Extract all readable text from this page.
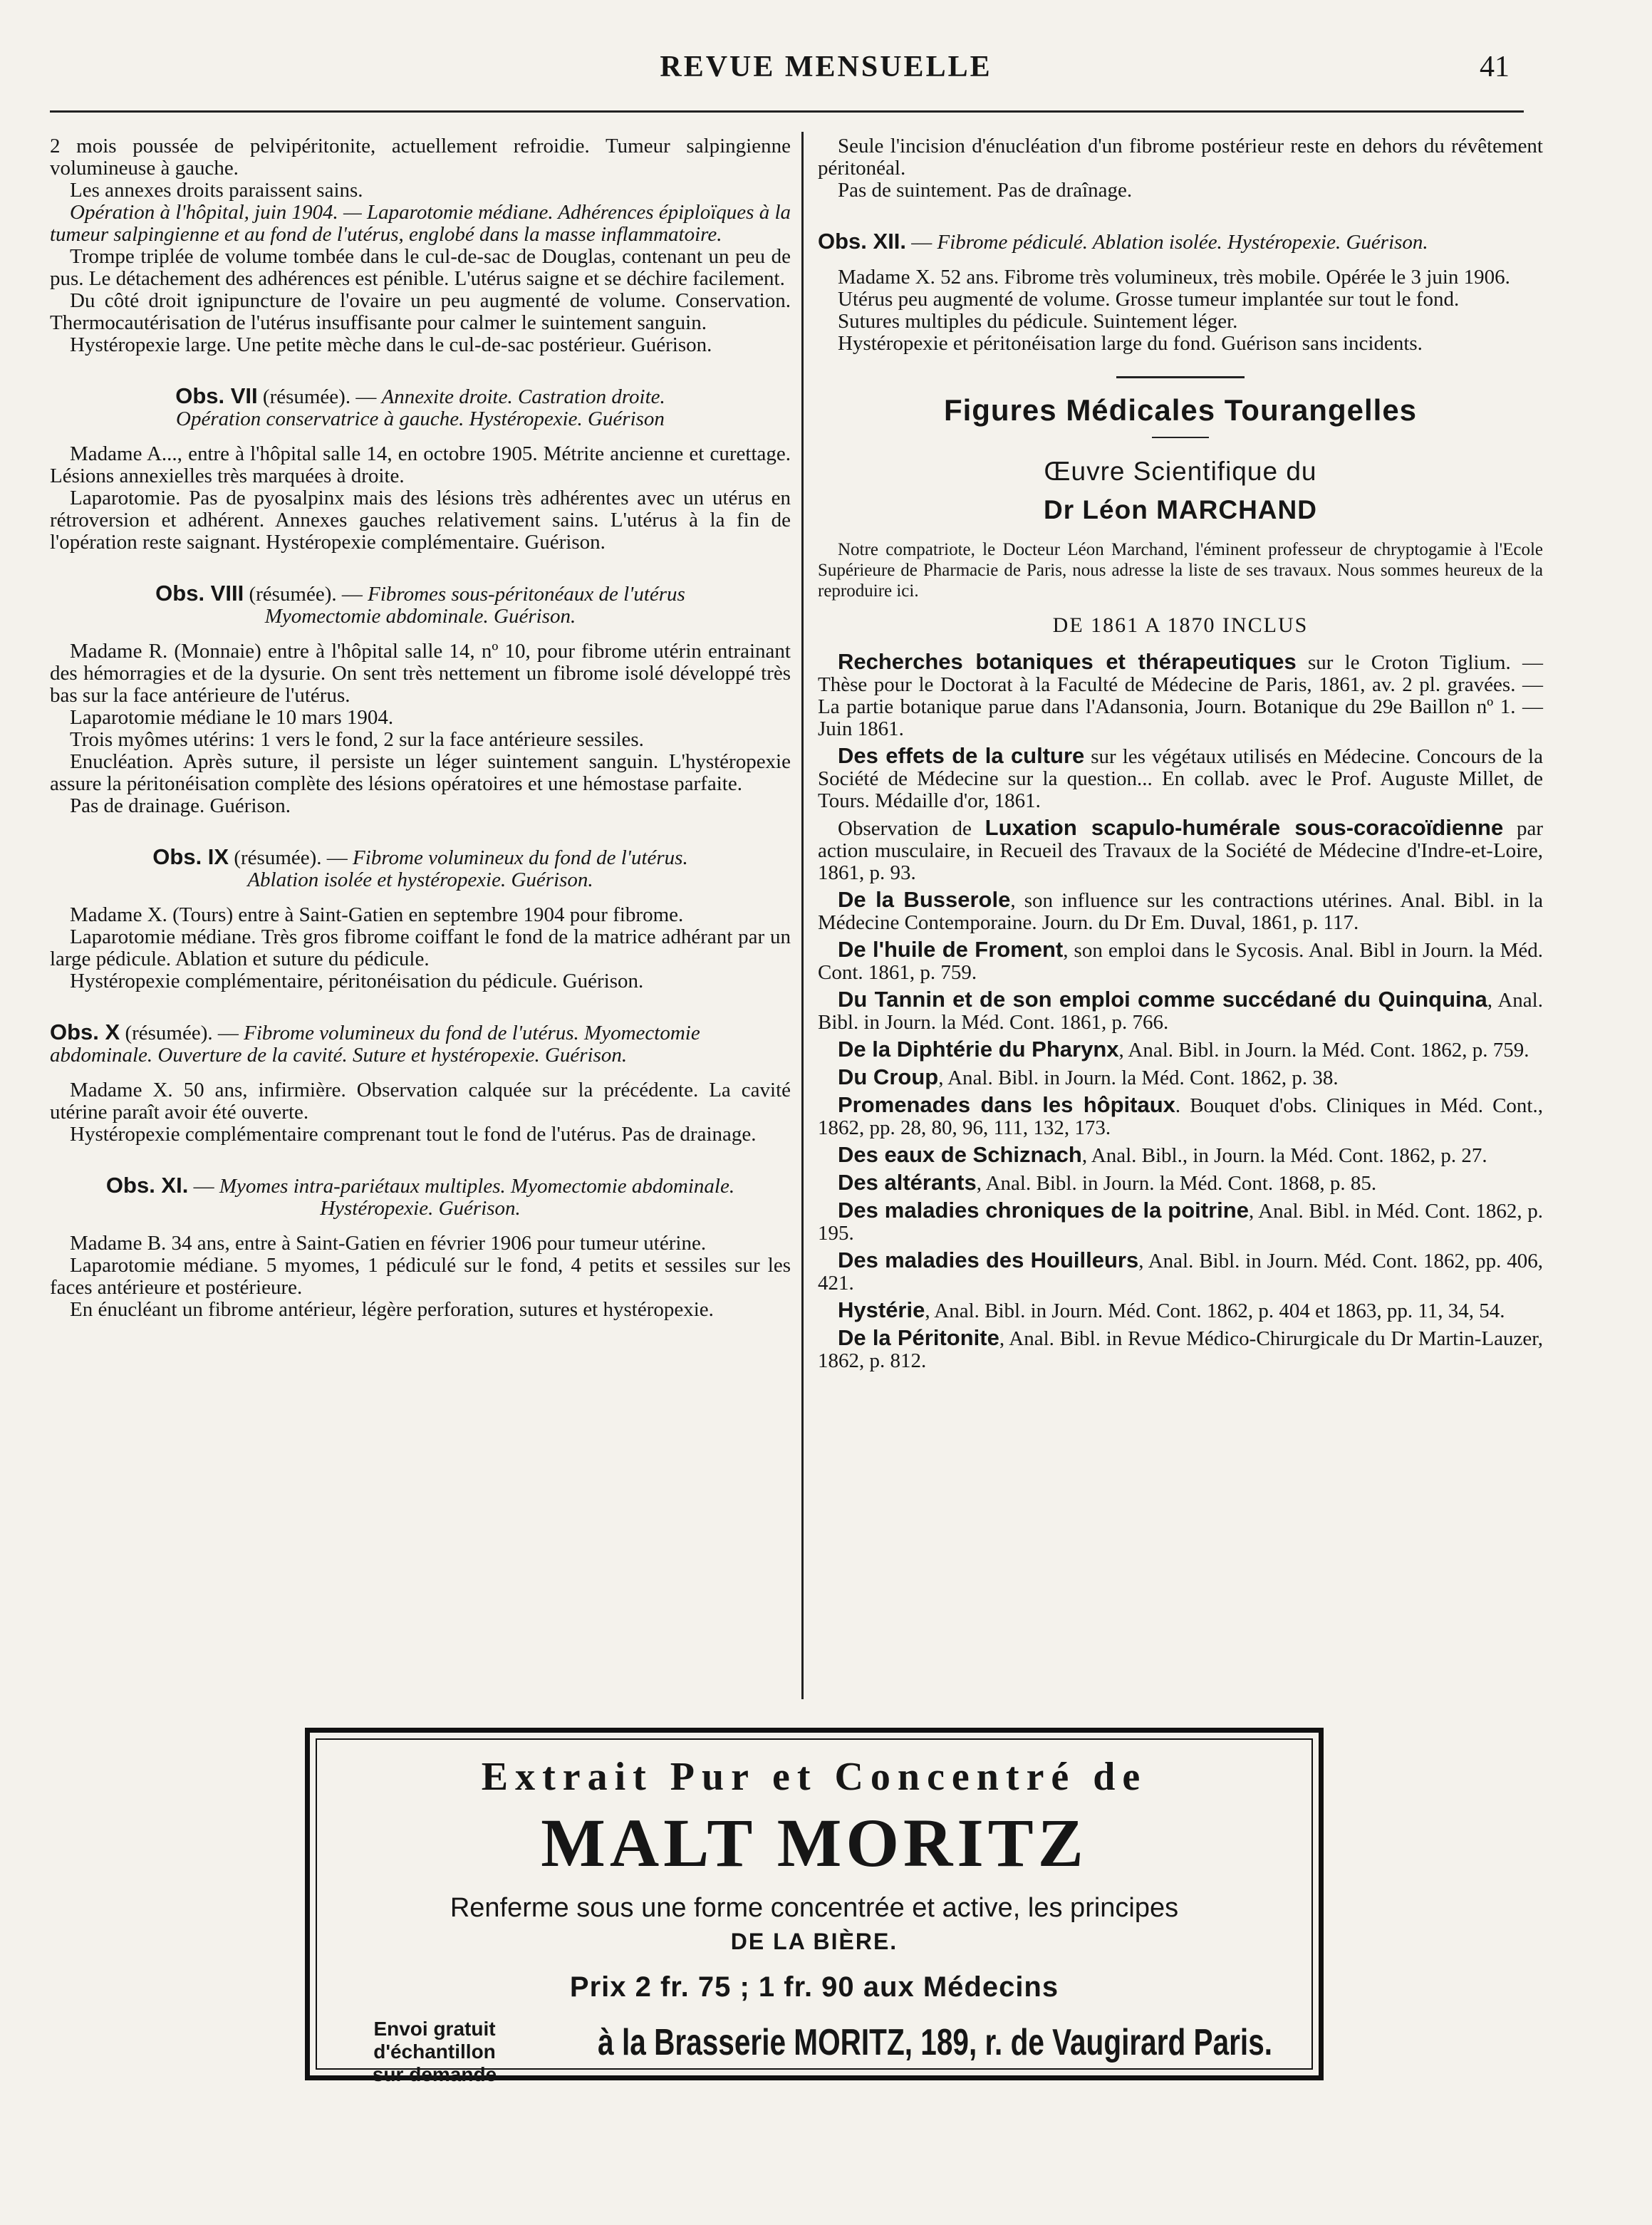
REVUE MENSUELLE	41

2 mois poussée de pelvipéritonite, actuellement refroidie. Tumeur salpingienne volumineuse à gauche.

Les annexes droits paraissent sains.

Opération à l'hôpital, juin 1904. — Laparotomie médiane. Adhérences épiploïques à la tumeur salpingienne et au fond de l'utérus, englobé dans la masse inflammatoire.

Trompe triplée de volume tombée dans le cul-de-sac de Douglas, contenant un peu de pus. Le détachement des adhérences est pénible. L'utérus saigne et se déchire facilement.

Du côté droit ignipuncture de l'ovaire un peu augmenté de volume. Conservation. Thermocautérisation de l'utérus insuffisante pour calmer le suintement sanguin.

Hystéropexie large. Une petite mèche dans le cul-de-sac postérieur. Guérison.

Obs. VII (résumée). — Annexite droite. Castration droite.
Opération conservatrice à gauche. Hystéropexie. Guérison

Madame A..., entre à l'hôpital salle 14, en octobre 1905. Métrite ancienne et curettage. Lésions annexielles très marquées à droite.

Laparotomie. Pas de pyosalpinx mais des lésions très adhérentes avec un utérus en rétroversion et adhérent. Annexes gauches relativement sains. L'utérus à la fin de l'opération reste saignant. Hystéropexie complémentaire. Guérison.

Obs. VIII (résumée). — Fibromes sous-péritonéaux de l'utérus
Myomectomie abdominale. Guérison.

Madame R. (Monnaie) entre à l'hôpital salle 14, nº 10, pour fibrome utérin entrainant des hémorragies et de la dysurie. On sent très nettement un fibrome isolé développé très bas sur la face antérieure de l'utérus.

Laparotomie médiane le 10 mars 1904.

Trois myômes utérins: 1 vers le fond, 2 sur la face antérieure sessiles.

Enucléation. Après suture, il persiste un léger suintement sanguin. L'hystéropexie assure la péritonéisation complète des lésions opératoires et une hémostase parfaite.

Pas de drainage. Guérison.

Obs. IX (résumée). — Fibrome volumineux du fond de l'utérus.
Ablation isolée et hystéropexie. Guérison.

Madame X. (Tours) entre à Saint-Gatien en septembre 1904 pour fibrome.

Laparotomie médiane. Très gros fibrome coiffant le fond de la matrice adhérant par un large pédicule. Ablation et suture du pédicule.

Hystéropexie complémentaire, péritonéisation du pédicule. Guérison.

Obs. X (résumée). — Fibrome volumineux du fond de l'utérus. Myomectomie abdominale. Ouverture de la cavité. Suture et hystéropexie. Guérison.

Madame X. 50 ans, infirmière. Observation calquée sur la précédente. La cavité utérine paraît avoir été ouverte.

Hystéropexie complémentaire comprenant tout le fond de l'utérus. Pas de drainage.

Obs. XI. — Myomes intra-pariétaux multiples. Myomectomie abdominale.
Hystéropexie. Guérison.

Madame B. 34 ans, entre à Saint-Gatien en février 1906 pour tumeur utérine.

Laparotomie médiane. 5 myomes, 1 pédiculé sur le fond, 4 petits et sessiles sur les faces antérieure et postérieure.

En énucléant un fibrome antérieur, légère perforation, sutures et hystéropexie.

Seule l'incision d'énucléation d'un fibrome postérieur reste en dehors du révêtement péritonéal.

Pas de suintement. Pas de draînage.

Obs. XII. — Fibrome pédiculé. Ablation isolée. Hystéropexie. Guérison.

Madame X. 52 ans. Fibrome très volumineux, très mobile. Opérée le 3 juin 1906.

Utérus peu augmenté de volume. Grosse tumeur implantée sur tout le fond.

Sutures multiples du pédicule. Suintement léger.

Hystéropexie et péritonéisation large du fond. Guérison sans incidents.

Figures Médicales Tourangelles
Œuvre Scientifique du
Dr Léon MARCHAND

Notre compatriote, le Docteur Léon Marchand, l'éminent professeur de chryptogamie à l'Ecole Supérieure de Pharmacie de Paris, nous adresse la liste de ses travaux. Nous sommes heureux de la reproduire ici.

DE 1861 A 1870 INCLUS

Recherches botaniques et thérapeutiques sur le Croton Tiglium. — Thèse pour le Doctorat à la Faculté de Médecine de Paris, 1861, av. 2 pl. gravées. — La partie botanique parue dans l'Adansonia, Journ. Botanique du 29e Baillon nº 1. — Juin 1861.

Des effets de la culture sur les végétaux utilisés en Médecine. Concours de la Société de Médecine sur la question... En collab. avec le Prof. Auguste Millet, de Tours. Médaille d'or, 1861.

Observation de Luxation scapulo-humérale sous-coracoïdienne par action musculaire, in Recueil des Travaux de la Société de Médecine d'Indre-et-Loire, 1861, p. 93.

De la Busserole, son influence sur les contractions utérines. Anal. Bibl. in la Médecine Contemporaine. Journ. du Dr Em. Duval, 1861, p. 117.

De l'huile de Froment, son emploi dans le Sycosis. Anal. Bibl in Journ. la Méd. Cont. 1861, p. 759.

Du Tannin et de son emploi comme succédané du Quinquina, Anal. Bibl. in Journ. la Méd. Cont. 1861, p. 766.

De la Diphtérie du Pharynx, Anal. Bibl. in Journ. la Méd. Cont. 1862, p. 759.

Du Croup, Anal. Bibl. in Journ. la Méd. Cont. 1862, p. 38.

Promenades dans les hôpitaux. Bouquet d'obs. Cliniques in Méd. Cont., 1862, pp. 28, 80, 96, 111, 132, 173.

Des eaux de Schiznach, Anal. Bibl., in Journ. la Méd. Cont. 1862, p. 27.

Des altérants, Anal. Bibl. in Journ. la Méd. Cont. 1868, p. 85.

Des maladies chroniques de la poitrine, Anal. Bibl. in Méd. Cont. 1862, p. 195.

Des maladies des Houilleurs, Anal. Bibl. in Journ. Méd. Cont. 1862, pp. 406, 421.

Hystérie, Anal. Bibl. in Journ. Méd. Cont. 1862, p. 404 et 1863, pp. 11, 34, 54.

De la Péritonite, Anal. Bibl. in Revue Médico-Chirurgicale du Dr Martin-Lauzer, 1862, p. 812.

Extrait Pur et Concentré de
MALT MORITZ
Renferme sous une forme concentrée et active, les principes
DE LA BIÈRE.
Prix 2 fr. 75 ; 1 fr. 90 aux Médecins
Envoi gratuit d'échantillon
sur demande
à la Brasserie MORITZ, 189, r. de Vaugirard Paris.
